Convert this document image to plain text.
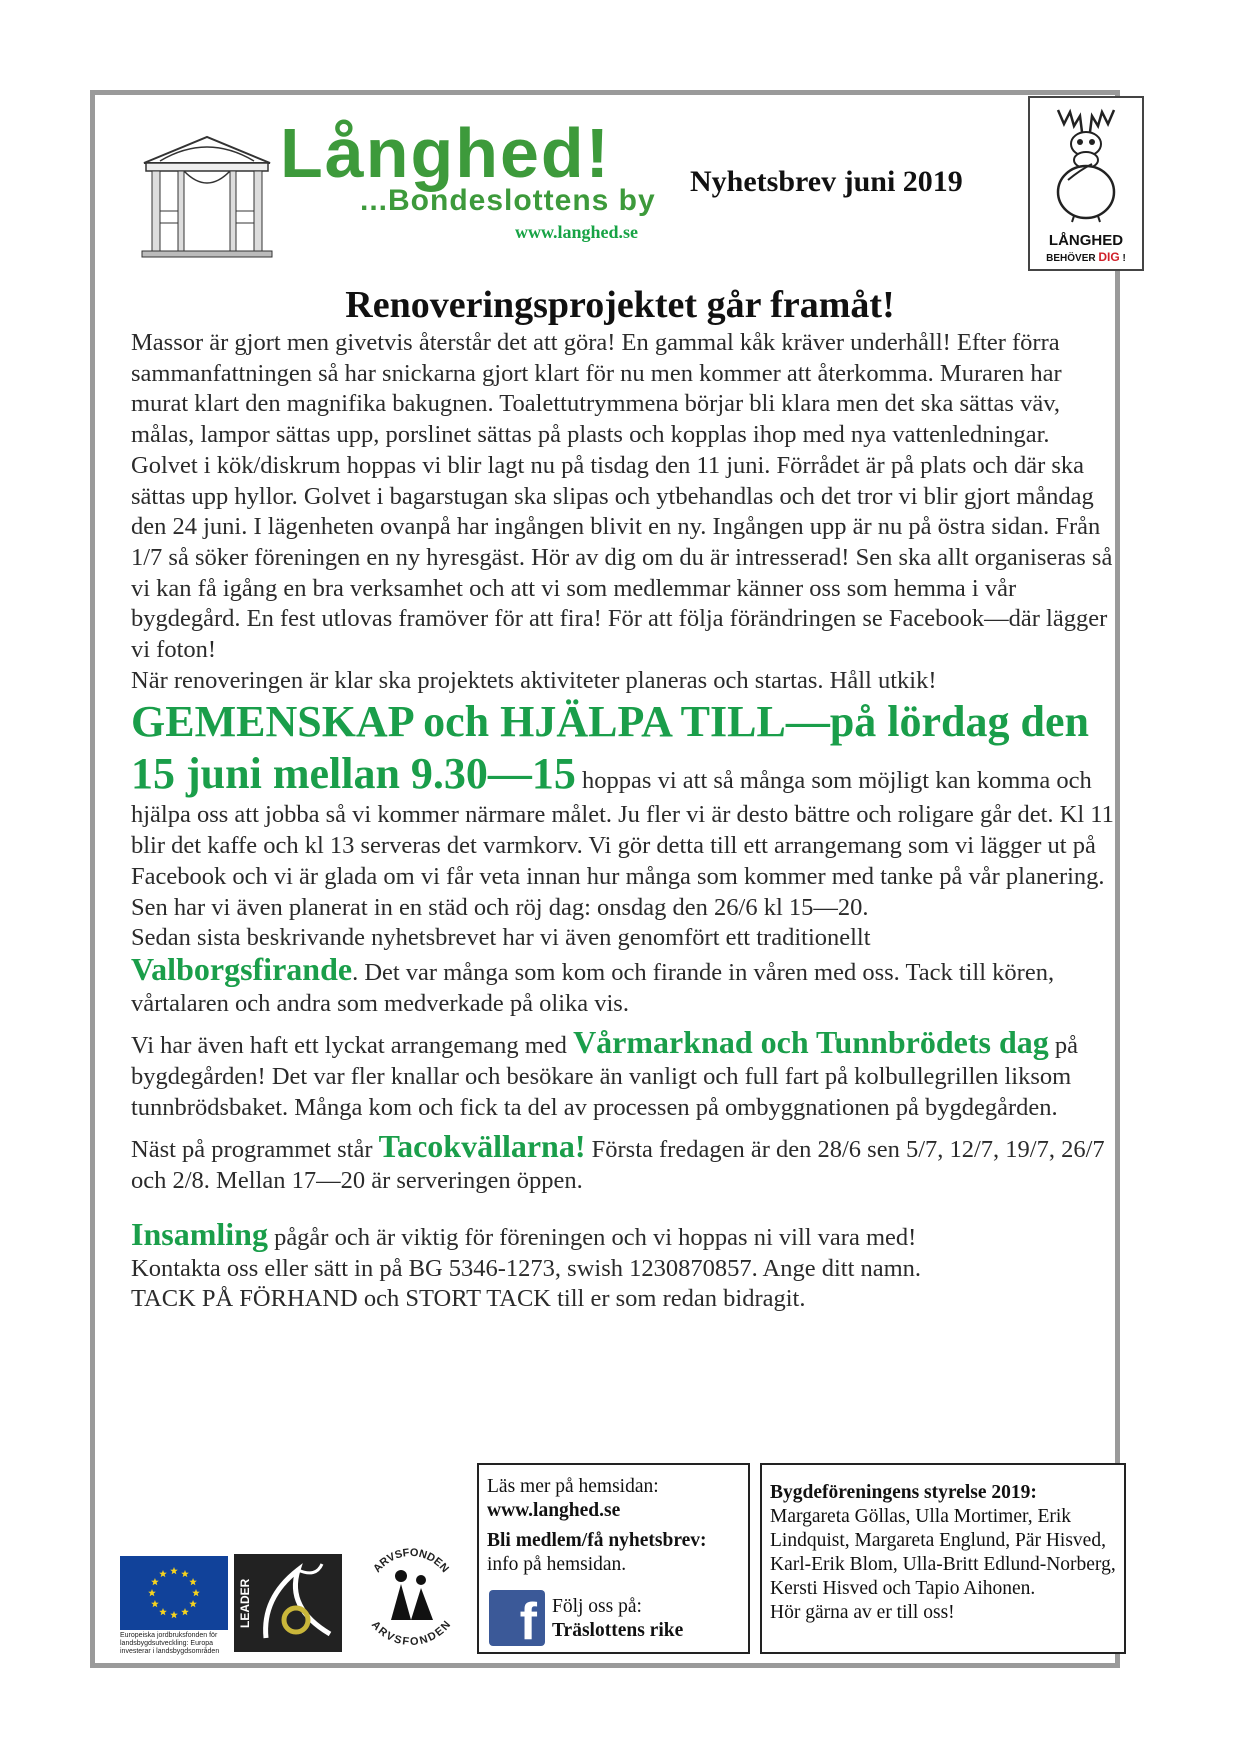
Långhed!
...Bondeslottens by
www.langhed.se
Nyhetsbrev juni 2019
LÅNGHED
BEHÖVER DIG !
Renoveringsprojektet går framåt!

Massor är gjort men givetvis återstår det att göra! En gammal kåk kräver underhåll! Efter förra sammanfattningen så har snickarna gjort klart för nu men kommer att återkomma. Muraren har murat klart den magnifika bakugnen. Toalettutrymmena börjar bli klara men det ska sättas väv, målas, lampor sättas upp, porslinet sättas på plasts och kopplas ihop med nya vattenledningar. Golvet i kök/diskrum hoppas vi blir lagt nu på tisdag den 11 juni. Förrådet är på plats och där ska sättas upp hyllor. Golvet i bagarstugan ska slipas och ytbehandlas och det tror vi blir gjort måndag den 24 juni. I lägenheten ovanpå har ingången blivit en ny. Ingången upp är nu på östra sidan. Från 1/7 så söker föreningen en ny hyresgäst. Hör av dig om du är intresserad! Sen ska allt organiseras så vi kan få igång en bra verksamhet och att vi som medlemmar känner oss som hemma i vår bygdegård. En fest utlovas framöver för att fira! För att följa förändringen se Facebook—där lägger vi foton!

När renoveringen är klar ska projektets aktiviteter planeras och startas. Håll utkik!

GEMENSKAP och HJÄLPA TILL—på lördag den 15 juni mellan 9.30—15 hoppas vi att så många som möjligt kan komma och hjälpa oss att jobba så vi kommer närmare målet. Ju fler vi är desto bättre och roligare går det. Kl 11 blir det kaffe och kl 13 serveras det varmkorv. Vi gör detta till ett arrangemang som vi lägger ut på Facebook och vi är glada om vi får veta innan hur många som kommer med tanke på vår planering.

Sen har vi även planerat in en städ och röj dag: onsdag den 26/6 kl 15—20.

Sedan sista beskrivande nyhetsbrevet har vi även genomfört ett traditionellt

Valborgsfirande. Det var många som kom och firande in våren med oss. Tack till kören, vårtalaren och andra som medverkade på olika vis.

Vi har även haft ett lyckat arrangemang med Vårmarknad och Tunnbrödets dag på bygdegården! Det var fler knallar och besökare än vanligt och full fart på kolbullegrillen liksom tunnbrödsbaket. Många kom och fick ta del av processen på ombyggnationen på bygdegården.

Näst på programmet står Tacokvällarna! Första fredagen är den 28/6 sen 5/7, 12/7, 19/7, 26/7 och 2/8. Mellan 17—20 är serveringen öppen.

Insamling pågår och är viktig för föreningen och vi hoppas ni vill vara med!

Kontakta oss eller sätt in på BG 5346-1273, swish 1230870857. Ange ditt namn.

TACK PÅ FÖRHAND och STORT TACK till er som redan bidragit.

Europeiska jordbruksfonden för landsbygdsutveckling: Europa investerar i landsbygdsområden
LEADER
ARVSFONDEN
ARVSFONDEN
Läs mer på hemsidan:
www.langhed.se
Bli medlem/få nyhetsbrev:
info på hemsidan.
f Följ oss på:
Träslottens rike
Bygdeföreningens styrelse 2019:
Margareta Göllas, Ulla Mortimer, Erik Lindquist, Margareta Englund, Pär Hisved, Karl-Erik Blom, Ulla-Britt Edlund-Norberg, Kersti Hisved och Tapio Aihonen.
Hör gärna av er till oss!
